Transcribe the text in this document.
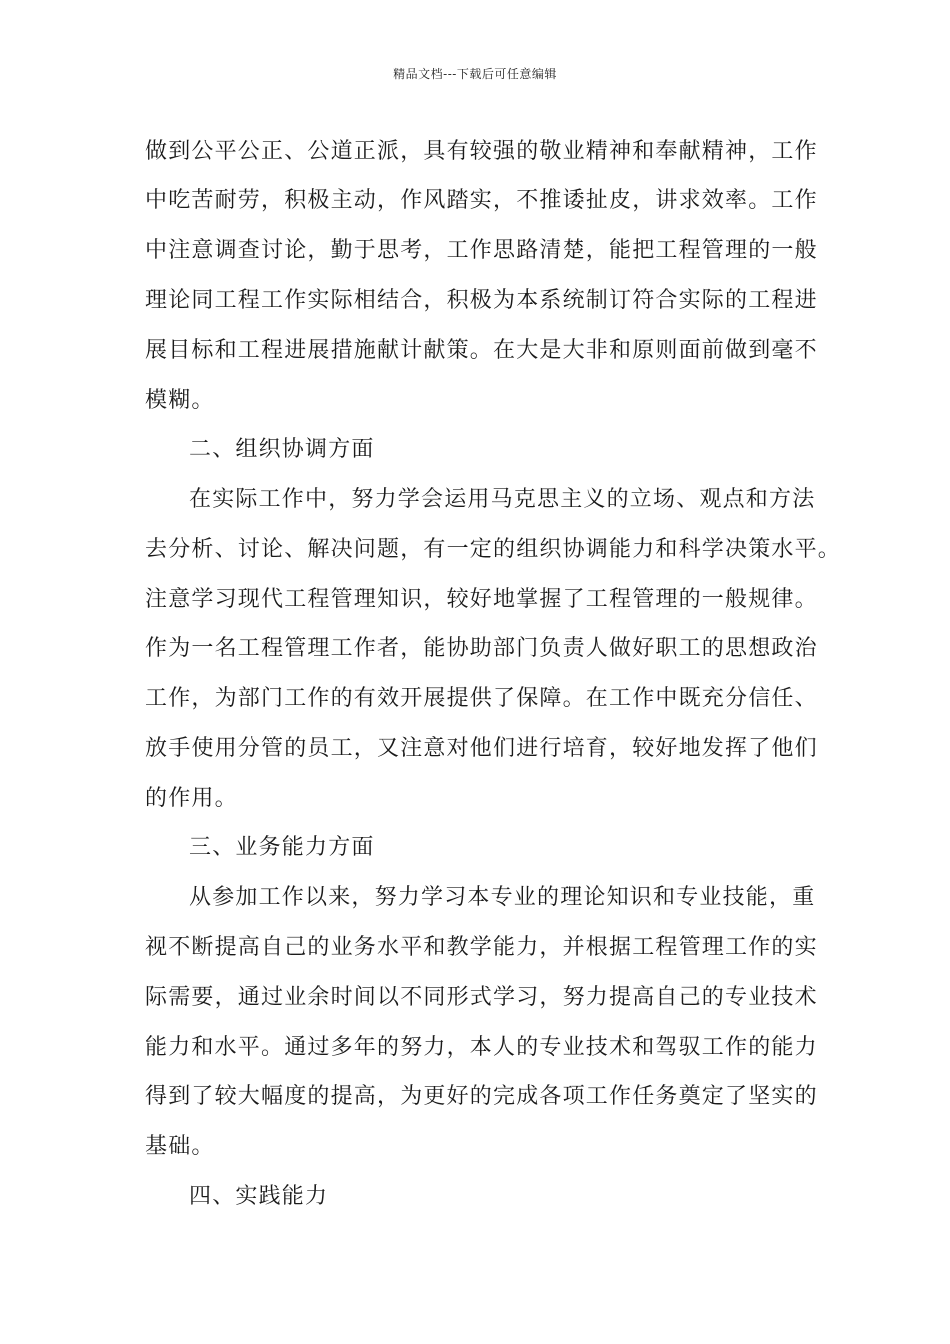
精品文档---下载后可任意编辑
做到公平公正、公道正派，具有较强的敬业精神和奉献精神，工作
中吃苦耐劳，积极主动，作风踏实，不推诿扯皮，讲求效率。工作
中注意调查讨论，勤于思考，工作思路清楚，能把工程管理的一般
理论同工程工作实际相结合，积极为本系统制订符合实际的工程进
展目标和工程进展措施献计献策。在大是大非和原则面前做到毫不
模糊。
二、组织协调方面
在实际工作中，努力学会运用马克思主义的立场、观点和方法
去分析、讨论、解决问题，有一定的组织协调能力和科学决策水平。
注意学习现代工程管理知识，较好地掌握了工程管理的一般规律。
作为一名工程管理工作者，能协助部门负责人做好职工的思想政治
工作，为部门工作的有效开展提供了保障。在工作中既充分信任、
放手使用分管的员工，又注意对他们进行培育，较好地发挥了他们
的作用。
三、业务能力方面
从参加工作以来，努力学习本专业的理论知识和专业技能，重
视不断提高自己的业务水平和教学能力，并根据工程管理工作的实
际需要，通过业余时间以不同形式学习，努力提高自己的专业技术
能力和水平。通过多年的努力，本人的专业技术和驾驭工作的能力
得到了较大幅度的提高，为更好的完成各项工作任务奠定了坚实的
基础。
四、实践能力
